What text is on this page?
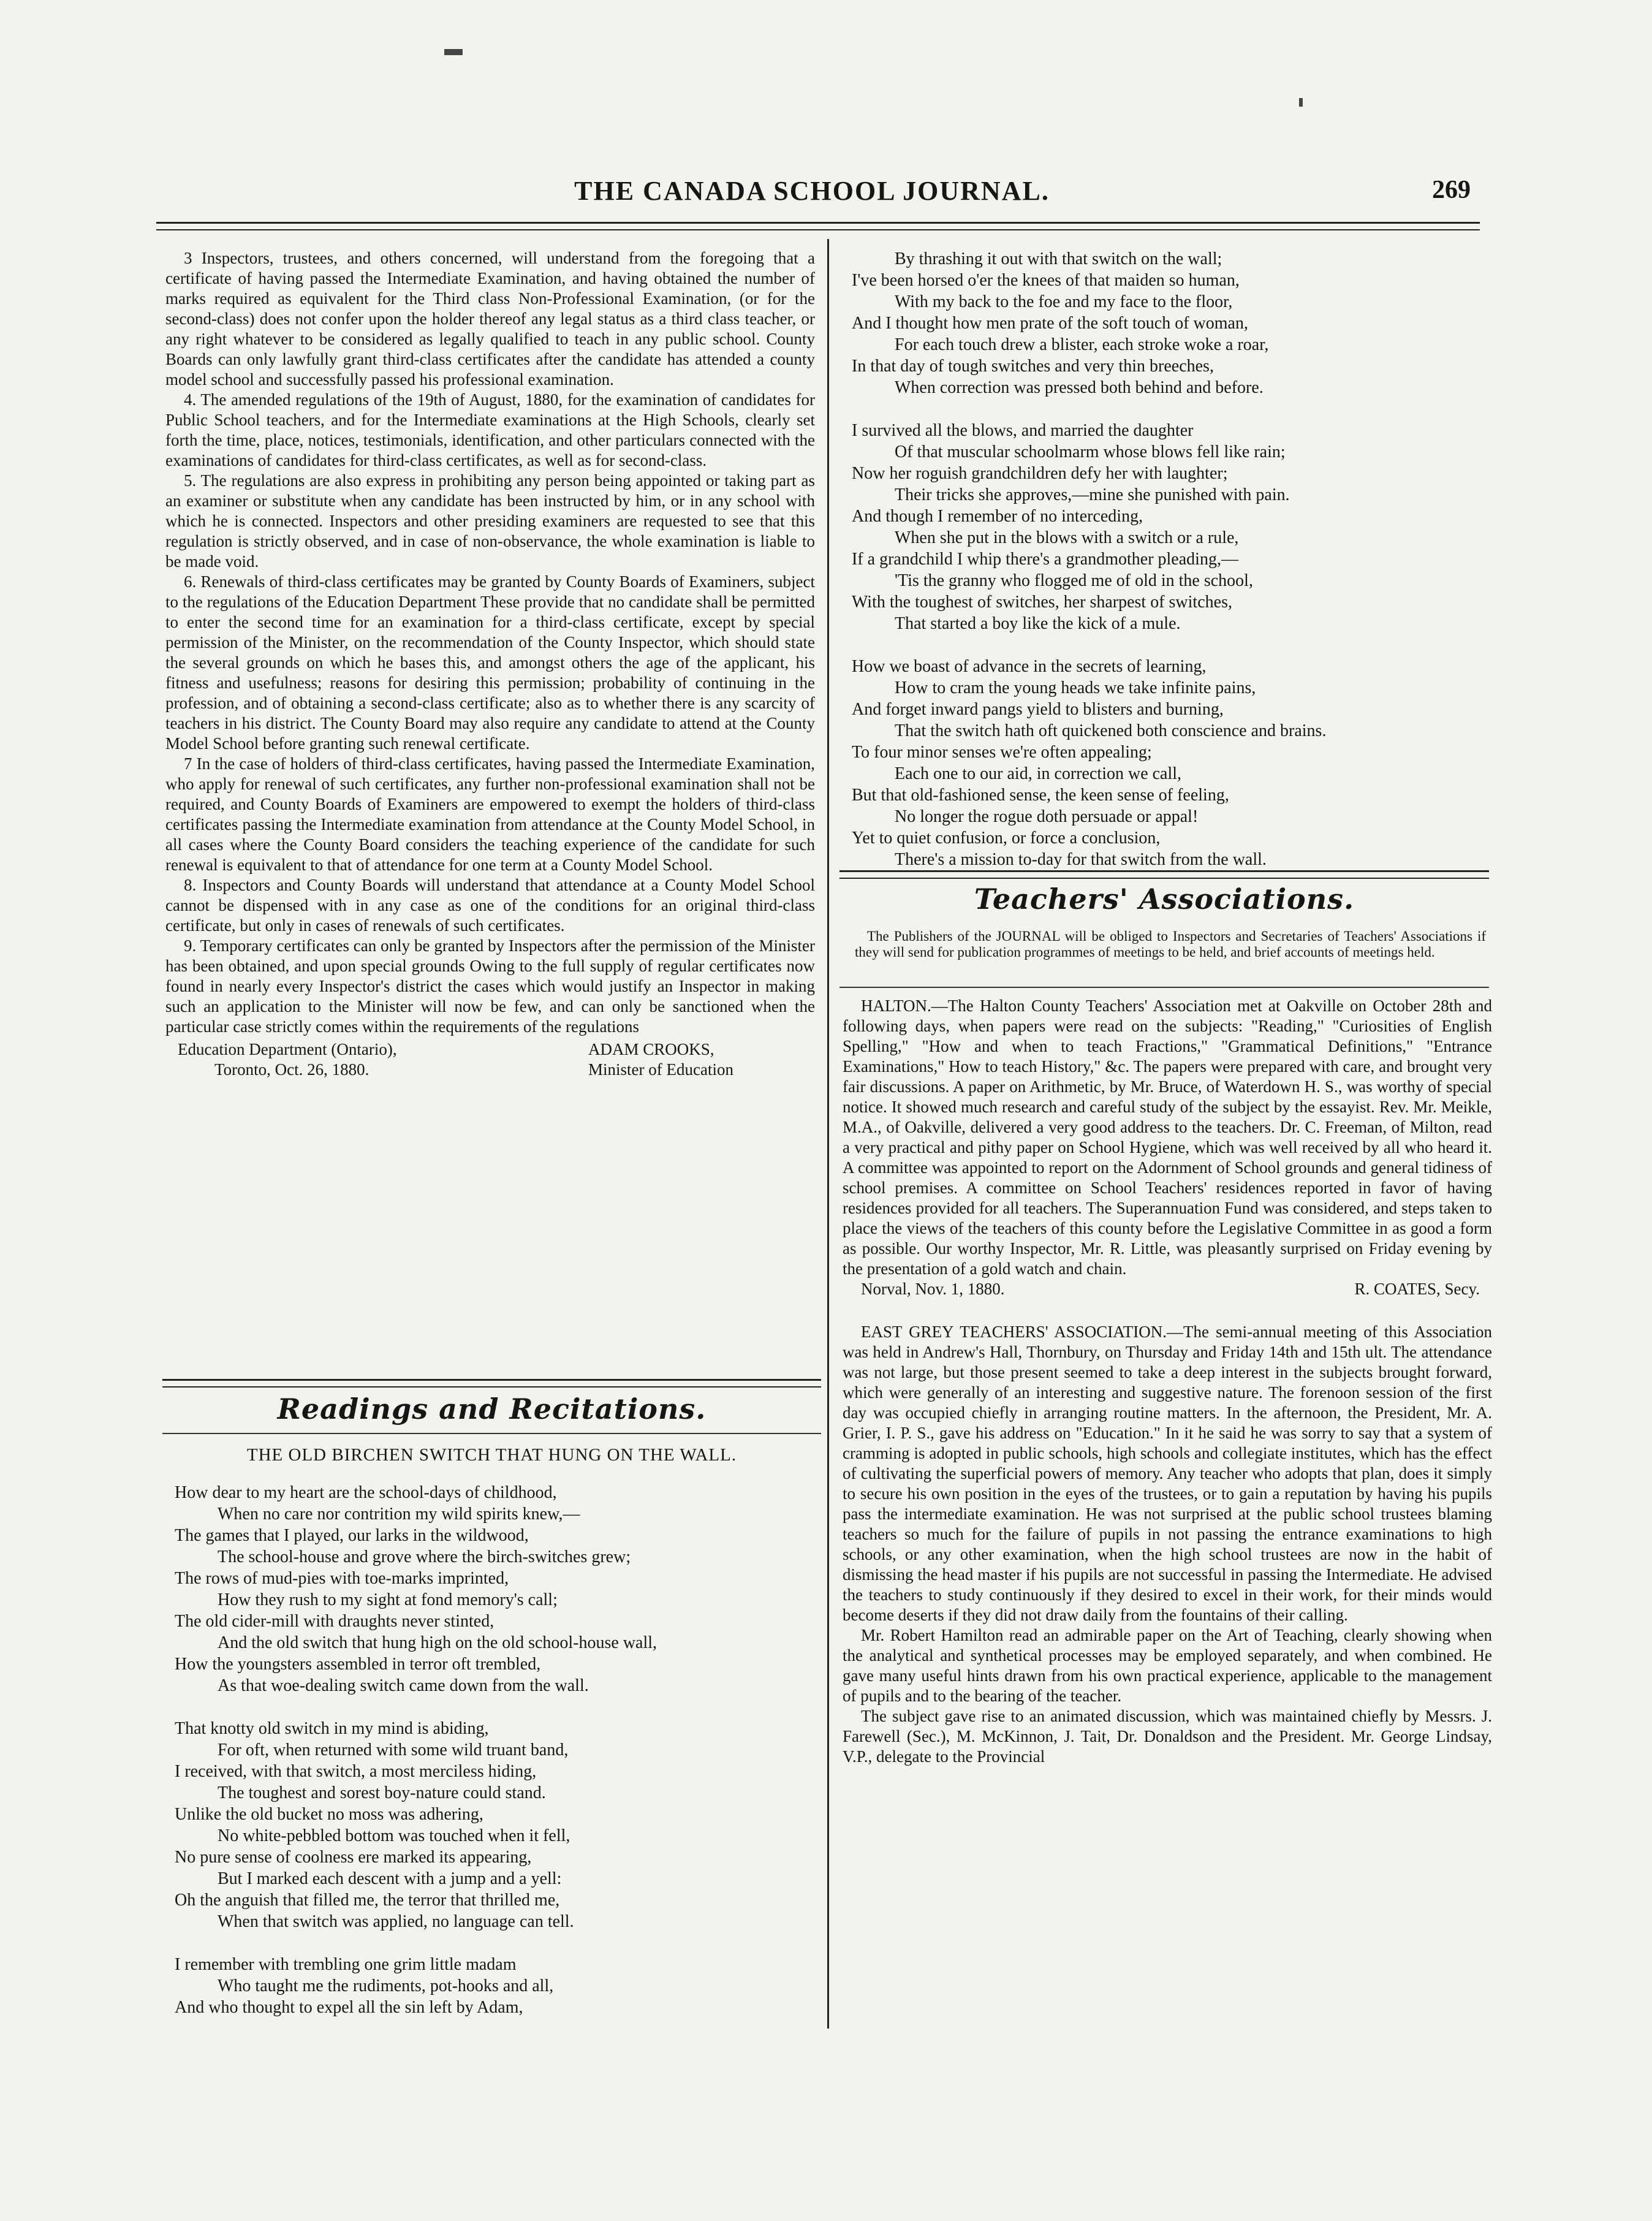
THE CANADA SCHOOL JOURNAL.	269

3 Inspectors, trustees, and others concerned, will understand from the foregoing that a certificate of having passed the Intermediate Examination, and having obtained the number of marks required as equivalent for the Third class Non-Professional Examination, (or for the second-class) does not confer upon the holder thereof any legal status as a third class teacher, or any right whatever to be considered as legally qualified to teach in any public school. County Boards can only lawfully grant third-class certificates after the candidate has attended a county model school and successfully passed his professional examination.

4. The amended regulations of the 19th of August, 1880, for the examination of candidates for Public School teachers, and for the Intermediate examinations at the High Schools, clearly set forth the time, place, notices, testimonials, identification, and other particulars connected with the examinations of candidates for third-class certificates, as well as for second-class.

5. The regulations are also express in prohibiting any person being appointed or taking part as an examiner or substitute when any candidate has been instructed by him, or in any school with which he is connected. Inspectors and other presiding examiners are requested to see that this regulation is strictly observed, and in case of non-observance, the whole examination is liable to be made void.

6. Renewals of third-class certificates may be granted by County Boards of Examiners, subject to the regulations of the Education Department These provide that no candidate shall be permitted to enter the second time for an examination for a third-class certificate, except by special permission of the Minister, on the recommendation of the County Inspector, which should state the several grounds on which he bases this, and amongst others the age of the applicant, his fitness and usefulness; reasons for desiring this permission; probability of continuing in the profession, and of obtaining a second-class certificate; also as to whether there is any scarcity of teachers in his district. The County Board may also require any candidate to attend at the County Model School before granting such renewal certificate.

7 In the case of holders of third-class certificates, having passed the Intermediate Examination, who apply for renewal of such certificates, any further non-professional examination shall not be required, and County Boards of Examiners are empowered to exempt the holders of third-class certificates passing the Intermediate examination from attendance at the County Model School, in all cases where the County Board considers the teaching experience of the candidate for such renewal is equivalent to that of attendance for one term at a County Model School.

8. Inspectors and County Boards will understand that attendance at a County Model School cannot be dispensed with in any case as one of the conditions for an original third-class certificate, but only in cases of renewals of such certificates.

9. Temporary certificates can only be granted by Inspectors after the permission of the Minister has been obtained, and upon special grounds Owing to the full supply of regular certificates now found in nearly every Inspector's district the cases which would justify an Inspector in making such an application to the Minister will now be few, and can only be sanctioned when the particular case strictly comes within the requirements of the regulations

Education Department (Ontario),
Toronto, Oct. 26, 1880.
ADAM CROOKS,
Minister of Education
Readings and Recitations.
THE OLD BIRCHEN SWITCH THAT HUNG ON THE WALL.
How dear to my heart are the school-days of childhood,
When no care nor contrition my wild spirits knew,—
The games that I played, our larks in the wildwood,
The school-house and grove where the birch-switches grew;
The rows of mud-pies with toe-marks imprinted,
How they rush to my sight at fond memory's call;
The old cider-mill with draughts never stinted,
And the old switch that hung high on the old school-house wall,
How the youngsters assembled in terror oft trembled,
As that woe-dealing switch came down from the wall.
That knotty old switch in my mind is abiding,
For oft, when returned with some wild truant band,
I received, with that switch, a most merciless hiding,
The toughest and sorest boy-nature could stand.
Unlike the old bucket no moss was adhering,
No white-pebbled bottom was touched when it fell,
No pure sense of coolness ere marked its appearing,
But I marked each descent with a jump and a yell:
Oh the anguish that filled me, the terror that thrilled me,
When that switch was applied, no language can tell.
I remember with trembling one grim little madam
Who taught me the rudiments, pot-hooks and all,
And who thought to expel all the sin left by Adam,
By thrashing it out with that switch on the wall;
I've been horsed o'er the knees of that maiden so human,
With my back to the foe and my face to the floor,
And I thought how men prate of the soft touch of woman,
For each touch drew a blister, each stroke woke a roar,
In that day of tough switches and very thin breeches,
When correction was pressed both behind and before.
I survived all the blows, and married the daughter
Of that muscular schoolmarm whose blows fell like rain;
Now her roguish grandchildren defy her with laughter;
Their tricks she approves,—mine she punished with pain.
And though I remember of no interceding,
When she put in the blows with a switch or a rule,
If a grandchild I whip there's a grandmother pleading,—
'Tis the granny who flogged me of old in the school,
With the toughest of switches, her sharpest of switches,
That started a boy like the kick of a mule.
How we boast of advance in the secrets of learning,
How to cram the young heads we take infinite pains,
And forget inward pangs yield to blisters and burning,
That the switch hath oft quickened both conscience and brains.
To four minor senses we're often appealing;
Each one to our aid, in correction we call,
But that old-fashioned sense, the keen sense of feeling,
No longer the rogue doth persuade or appal!
Yet to quiet confusion, or force a conclusion,
There's a mission to-day for that switch from the wall.
Teachers' Associations.
The Publishers of the JOURNAL will be obliged to Inspectors and Secretaries of Teachers' Associations if they will send for publication programmes of meetings to be held, and brief accounts of meetings held.

HALTON.—The Halton County Teachers' Association met at Oakville on October 28th and following days, when papers were read on the subjects: "Reading," "Curiosities of English Spelling," "How and when to teach Fractions," "Grammatical Definitions," "Entrance Examinations," How to teach History," &c. The papers were prepared with care, and brought very fair discussions. A paper on Arithmetic, by Mr. Bruce, of Waterdown H. S., was worthy of special notice. It showed much research and careful study of the subject by the essayist. Rev. Mr. Meikle, M.A., of Oakville, delivered a very good address to the teachers. Dr. C. Freeman, of Milton, read a very practical and pithy paper on School Hygiene, which was well received by all who heard it. A committee was appointed to report on the Adornment of School grounds and general tidiness of school premises. A committee on School Teachers' residences reported in favor of having residences provided for all teachers. The Superannuation Fund was considered, and steps taken to place the views of the teachers of this county before the Legislative Committee in as good a form as possible. Our worthy Inspector, Mr. R. Little, was pleasantly surprised on Friday evening by the presentation of a gold watch and chain.

Norval, Nov. 1, 1880.	R. COATES, Secy.

EAST GREY TEACHERS' ASSOCIATION.—The semi-annual meeting of this Association was held in Andrew's Hall, Thornbury, on Thursday and Friday 14th and 15th ult. The attendance was not large, but those present seemed to take a deep interest in the subjects brought forward, which were generally of an interesting and suggestive nature. The forenoon session of the first day was occupied chiefly in arranging routine matters. In the afternoon, the President, Mr. A. Grier, I. P. S., gave his address on "Education." In it he said he was sorry to say that a system of cramming is adopted in public schools, high schools and collegiate institutes, which has the effect of cultivating the superficial powers of memory. Any teacher who adopts that plan, does it simply to secure his own position in the eyes of the trustees, or to gain a reputation by having his pupils pass the intermediate examination. He was not surprised at the public school trustees blaming teachers so much for the failure of pupils in not passing the entrance examinations to high schools, or any other examination, when the high school trustees are now in the habit of dismissing the head master if his pupils are not successful in passing the Intermediate. He advised the teachers to study continuously if they desired to excel in their work, for their minds would become deserts if they did not draw daily from the fountains of their calling.

Mr. Robert Hamilton read an admirable paper on the Art of Teaching, clearly showing when the analytical and synthetical processes may be employed separately, and when combined. He gave many useful hints drawn from his own practical experience, applicable to the management of pupils and to the bearing of the teacher.

The subject gave rise to an animated discussion, which was maintained chiefly by Messrs. J. Farewell (Sec.), M. McKinnon, J. Tait, Dr. Donaldson and the President. Mr. George Lindsay, V.P., delegate to the Provincial
